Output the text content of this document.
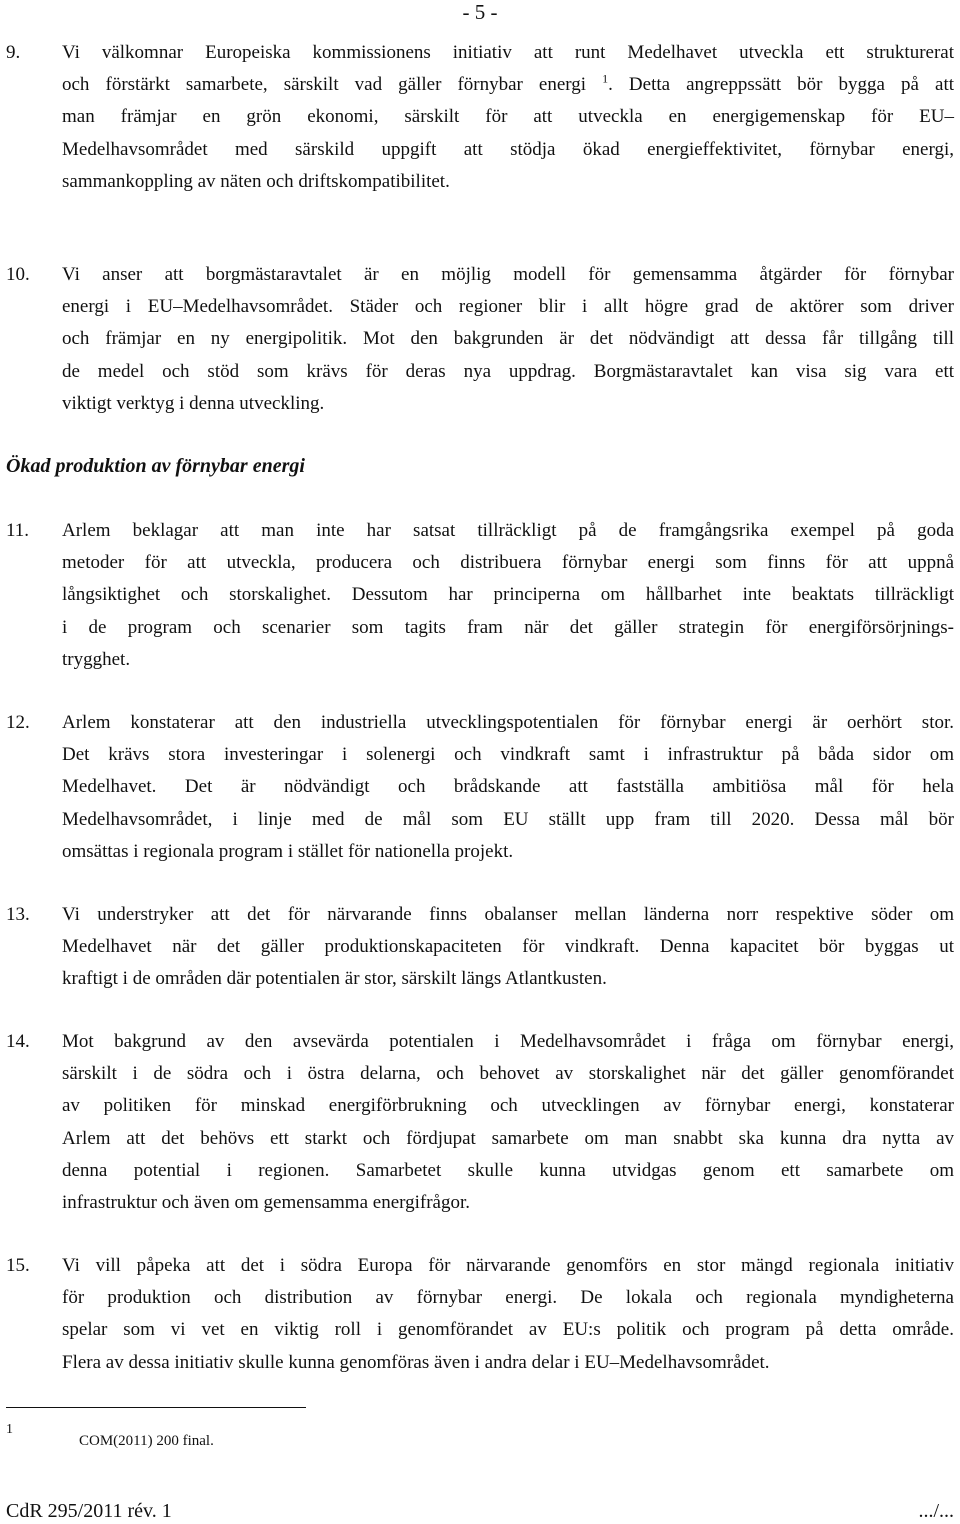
- 5 -
9. Vi välkomnar Europeiska kommissionens initiativ att runt Medelhavet utveckla ett strukturerat
och förstärkt samarbete, särskilt vad gäller förnybar energi $^1$. Detta angreppssätt bör bygga på att
man främjar en grön ekonomi, särskilt för att utveckla en energigemenskap för EU–
Medelhavsområdet med särskild uppgift att stödja ökad energieffektivitet, förnybar energi,
sammankoppling av näten och driftskompatibilitet.
10. Vi anser att borgmästaravtalet är en möjlig modell för gemensamma åtgärder för förnybar
energi i EU–Medelhavsområdet. Städer och regioner blir i allt högre grad de aktörer som driver
och främjar en ny energipolitik. Mot den bakgrunden är det nödvändigt att dessa får tillgång till
de medel och stöd som krävs för deras nya uppdrag. Borgmästaravtalet kan visa sig vara ett
viktigt verktyg i denna utveckling.
Ökad produktion av förnybar energi
11. Arlem beklagar att man inte har satsat tillräckligt på de framgångsrika exempel på goda
metoder för att utveckla, producera och distribuera förnybar energi som finns för att uppnå
långsiktighet och storskalighet. Dessutom har principerna om hållbarhet inte beaktats tillräckligt
i de program och scenarier som tagits fram när det gäller strategin för energiförsörjnings-
trygghet.
12. Arlem konstaterar att den industriella utvecklingspotentialen för förnybar energi är oerhört stor.
Det krävs stora investeringar i solenergi och vindkraft samt i infrastruktur på båda sidor om
Medelhavet. Det är nödvändigt och brådskande att fastställa ambitiösa mål för hela
Medelhavsområdet, i linje med de mål som EU ställt upp fram till 2020. Dessa mål bör
omsättas i regionala program i stället för nationella projekt.
13. Vi understryker att det för närvarande finns obalanser mellan länderna norr respektive söder om
Medelhavet när det gäller produktionskapaciteten för vindkraft. Denna kapacitet bör byggas ut
kraftigt i de områden där potentialen är stor, särskilt längs Atlantkusten.
14. Mot bakgrund av den avsevärda potentialen i Medelhavsområdet i fråga om förnybar energi,
särskilt i de södra och i östra delarna, och behovet av storskalighet när det gäller genomförandet
av politiken för minskad energiförbrukning och utvecklingen av förnybar energi, konstaterar
Arlem att det behövs ett starkt och fördjupat samarbete om man snabbt ska kunna dra nytta av
denna potential i regionen. Samarbetet skulle kunna utvidgas genom ett samarbete om
infrastruktur och även om gemensamma energifrågor.
15. Vi vill påpeka att det i södra Europa för närvarande genomförs en stor mängd regionala initiativ
för produktion och distribution av förnybar energi. De lokala och regionala myndigheterna
spelar som vi vet en viktig roll i genomförandet av EU:s politik och program på detta område.
Flera av dessa initiativ skulle kunna genomföras även i andra delar i EU–Medelhavsområdet.
1
COM(2011) 200 final.
CdR 295/2011 rév. 1	.../...
